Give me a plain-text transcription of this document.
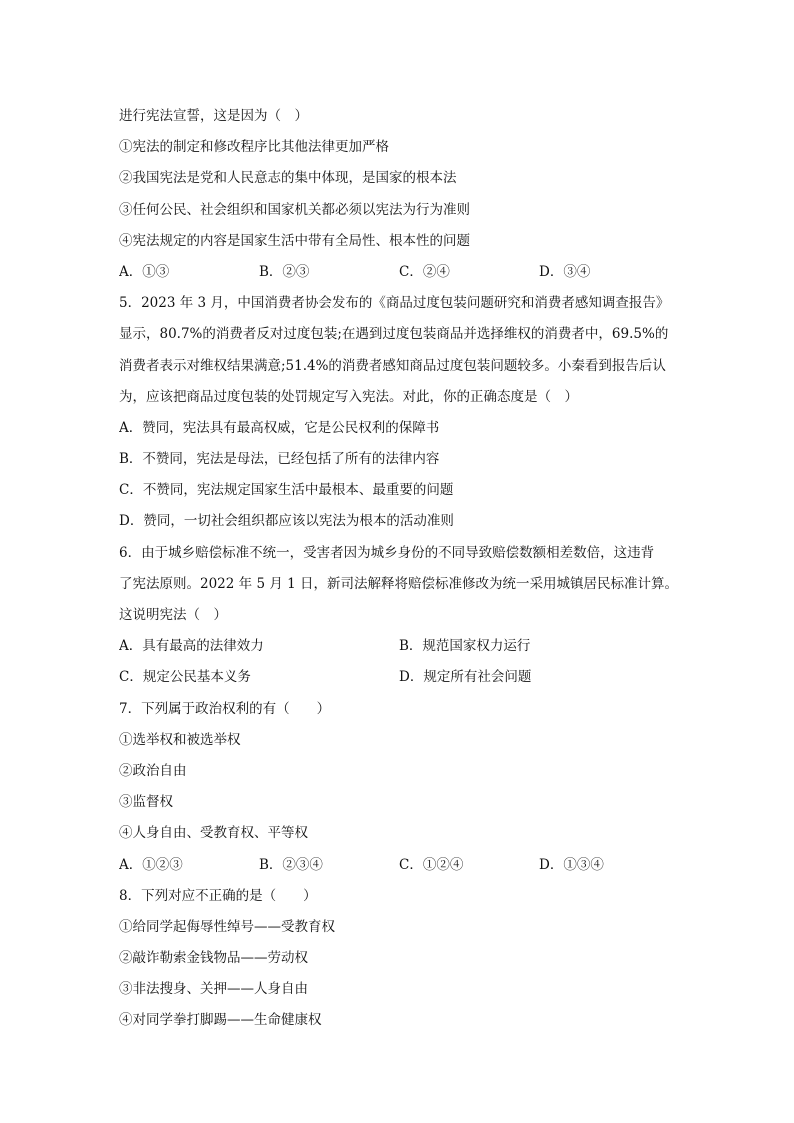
进行宪法宣誓，这是因为（　）
①宪法的制定和修改程序比其他法律更加严格
②我国宪法是党和人民意志的集中体现，是国家的根本法
③任何公民、社会组织和国家机关都必须以宪法为行为准则
④宪法规定的内容是国家生活中带有全局性、根本性的问题
A．①③	B．②③	C．②④	D．③④
5．2023 年 3 月，中国消费者协会发布的《商品过度包装问题研究和消费者感知调查报告》
显示，80.7%的消费者反对过度包装;在遇到过度包装商品并选择维权的消费者中，69.5%的
消费者表示对维权结果满意;51.4%的消费者感知商品过度包装问题较多。小秦看到报告后认
为，应该把商品过度包装的处罚规定写入宪法。对此，你的正确态度是（　）
A．赞同，宪法具有最高权威，它是公民权利的保障书
B．不赞同，宪法是母法，已经包括了所有的法律内容
C．不赞同，宪法规定国家生活中最根本、最重要的问题
D．赞同，一切社会组织都应该以宪法为根本的活动准则
6．由于城乡赔偿标准不统一，受害者因为城乡身份的不同导致赔偿数额相差数倍，这违背
了宪法原则。2022 年 5 月 1 日，新司法解释将赔偿标准修改为统一采用城镇居民标准计算。
这说明宪法（　）
A．具有最高的法律效力	B．规范国家权力运行
C．规定公民基本义务	D．规定所有社会问题
7．下列属于政治权利的有（　　）
①选举权和被选举权
②政治自由
③监督权
④人身自由、受教育权、平等权
A．①②③	B．②③④	C．①②④	D．①③④
8．下列对应不正确的是（　　）
①给同学起侮辱性绰号——受教育权
②敲诈勒索金钱物品——劳动权
③非法搜身、关押——人身自由
④对同学拳打脚踢——生命健康权
